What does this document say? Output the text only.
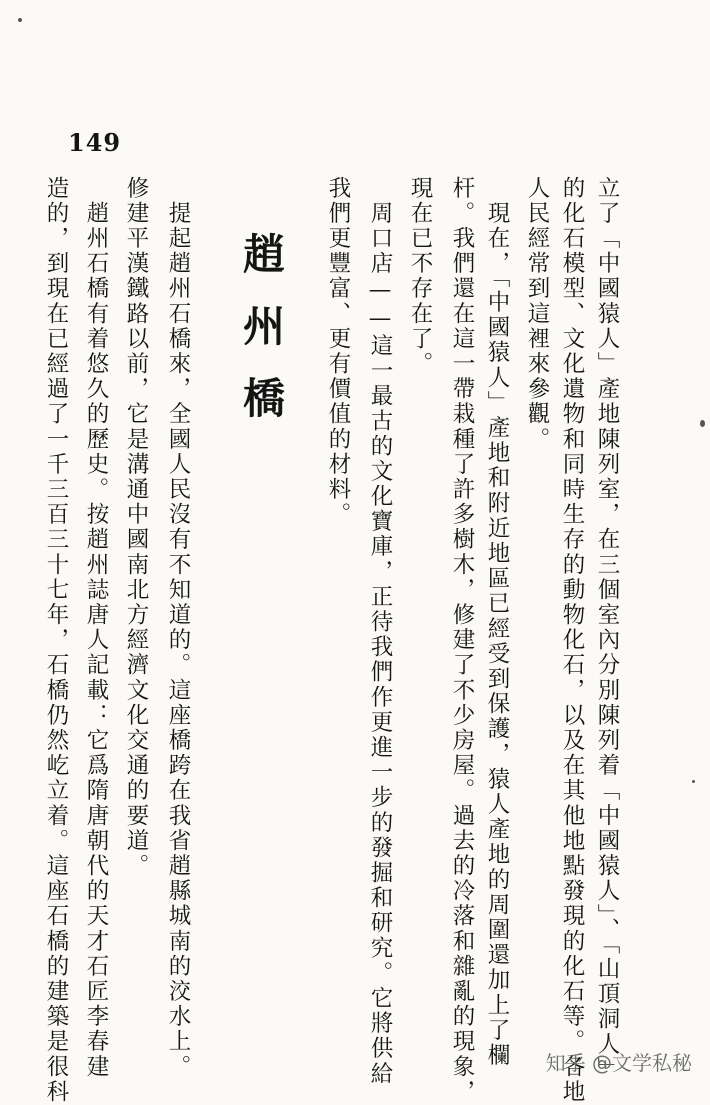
149
立了「中國猿人」產地陳列室，在三個室內分別陳列着「中國猿人」、「山頂洞人」
的化石模型、文化遺物和同時生存的動物化石，以及在其他地點發現的化石等。各地
人民經常到這裡來參觀。
　現在，「中國猿人」產地和附近地區已經受到保護，猿人產地的周圍還加上了欄
杆。我們還在這一帶栽種了許多樹木，修建了不少房屋。過去的冷落和雜亂的現象，
現在已不存在了。
　周口店——這一最古的文化寶庫，正待我們作更進一步的發掘和研究。它將供給
我們更豐富、更有價值的材料。
趙州橋
　提起趙州石橋來，全國人民沒有不知道的。這座橋跨在我省趙縣城南的洨水上。
修建平漢鐵路以前，它是溝通中國南北方經濟文化交通的要道。
　趙州石橋有着悠久的歷史。按趙州誌唐人記載：它爲隋唐朝代的天才石匠李春建
造的，到現在已經過了一千三百三十七年，石橋仍然屹立着。這座石橋的建築是很科	知乎 @文学私秘
